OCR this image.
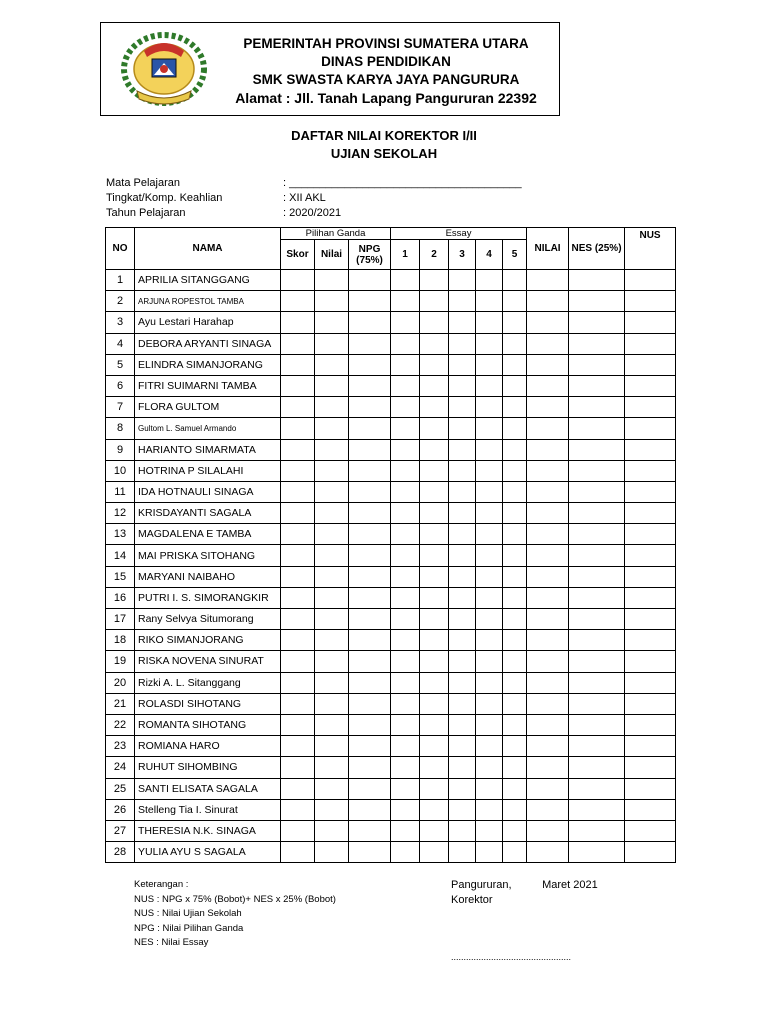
PEMERINTAH PROVINSI SUMATERA UTARA
DINAS PENDIDIKAN
SMK SWASTA KARYA JAYA PANGURURA
Alamat : Jll. Tanah Lapang Pangururan 22392
DAFTAR NILAI KOREKTOR I/II
UJIAN SEKOLAH
Mata Pelajaran	: ______________________________________
Tingkat/Komp. Keahlian	: XII AKL
Tahun Pelajaran	: 2020/2021
NO	NAMA	Pilihan Ganda			Essay					NILAI	NES (25%)	NUS
		Skor	Nilai	NPG (75%)	1	2	3	4	5			
1	APRILIA SITANGGANG											
2	ARJUNA ROPESTOL TAMBA											
3	Ayu Lestari Harahap											
4	DEBORA ARYANTI SINAGA											
5	ELINDRA SIMANJORANG											
6	FITRI SUIMARNI TAMBA											
7	FLORA GULTOM											
8	Gultom L. Samuel Armando											
9	HARIANTO SIMARMATA											
10	HOTRINA P SILALAHI											
11	IDA HOTNAULI SINAGA											
12	KRISDAYANTI SAGALA											
13	MAGDALENA E TAMBA											
14	MAI PRISKA SITOHANG											
15	MARYANI NAIBAHO											
16	PUTRI I. S. SIMORANGKIR											
17	Rany Selvya Situmorang											
18	RIKO SIMANJORANG											
19	RISKA NOVENA SINURAT											
20	Rizki A. L. Sitanggang											
21	ROLASDI SIHOTANG											
22	ROMANTA SIHOTANG											
23	ROMIANA HARO											
24	RUHUT SIHOMBING											
25	SANTI ELISATA SAGALA											
26	Stelleng Tia I. Sinurat											
27	THERESIA N.K. SINAGA											
28	YULIA AYU S SAGALA											
Keterangan :
NUS : NPG x 75% (Bobot)+ NES x 25% (Bobot)
NUS : Nilai Ujian Sekolah
NPG : Nilai Pilihan Ganda
NES : Nilai Essay
Pangururan,	Maret 2021
Korektor
................................................
